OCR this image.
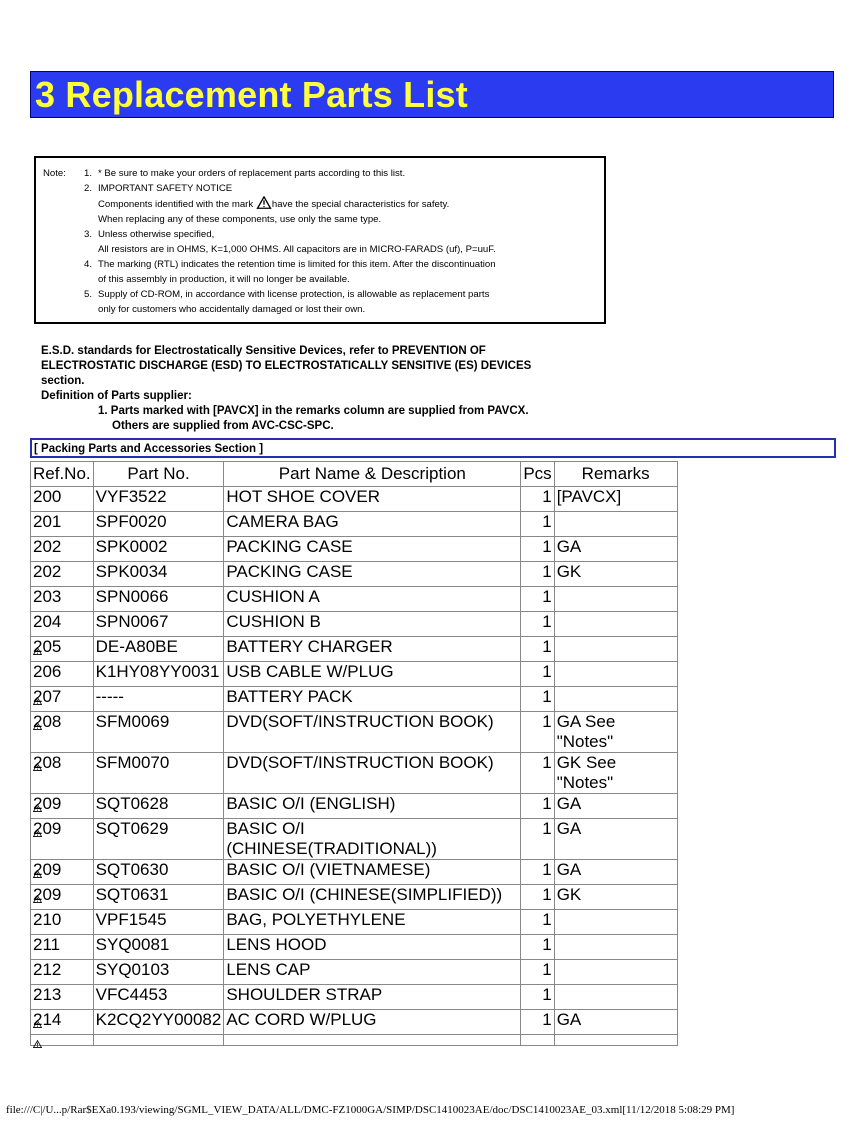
3 Replacement Parts List
Note: 1. * Be sure to make your orders of replacement parts according to this list.
2. IMPORTANT SAFETY NOTICE
Components identified with the mark have the special characteristics for safety.
When replacing any of these components, use only the same type.
3. Unless otherwise specified,
All resistors are in OHMS, K=1,000 OHMS. All capacitors are in MICRO-FARADS (uf), P=uuF.
4. The marking (RTL) indicates the retention time is limited for this item. After the discontinuation
of this assembly in production, it will no longer be available.
5. Supply of CD-ROM, in accordance with license protection, is allowable as replacement parts
only for customers who accidentally damaged or lost their own.
E.S.D. standards for Electrostatically Sensitive Devices, refer to PREVENTION OF
ELECTROSTATIC DISCHARGE (ESD) TO ELECTROSTATICALLY SENSITIVE (ES) DEVICES
section.
Definition of Parts supplier:
1. Parts marked with [PAVCX] in the remarks column are supplied from PAVCX.
Others are supplied from AVC-CSC-SPC.
[ Packing Parts and Accessories Section ]
Ref.No.	Part No.	Part Name & Description	Pcs	Remarks
200	VYF3522	HOT SHOE COVER	1	[PAVCX]
201	SPF0020	CAMERA BAG	1	
202	SPK0002	PACKING CASE	1	GA
202	SPK0034	PACKING CASE	1	GK
203	SPN0066	CUSHION A	1	
204	SPN0067	CUSHION B	1	

205	DE-A80BE	BATTERY CHARGER	1	
206	K1HY08YY0031	USB CABLE W/PLUG	1	

207	-----	BATTERY PACK	1	

208	SFM0069	DVD(SOFT/INSTRUCTION BOOK)	1	GA See "Notes"

208	SFM0070	DVD(SOFT/INSTRUCTION BOOK)	1	GK See "Notes"

209	SQT0628	BASIC O/I (ENGLISH)	1	GA

209	SQT0629	BASIC O/I (CHINESE(TRADITIONAL))	1	GA

209	SQT0630	BASIC O/I (VIETNAMESE)	1	GA

209	SQT0631	BASIC O/I (CHINESE(SIMPLIFIED))	1	GK
210	VPF1545	BAG, POLYETHYLENE	1	
211	SYQ0081	LENS HOOD	1	
212	SYQ0103	LENS CAP	1	
213	VFC4453	SHOULDER STRAP	1	

214	K2CQ2YY00082	AC CORD W/PLUG	1	GA

file:///C|/U...p/Rar$EXa0.193/viewing/SGML_VIEW_DATA/ALL/DMC-FZ1000GA/SIMP/DSC1410023AE/doc/DSC1410023AE_03.xml[11/12/2018 5:08:29 PM]
